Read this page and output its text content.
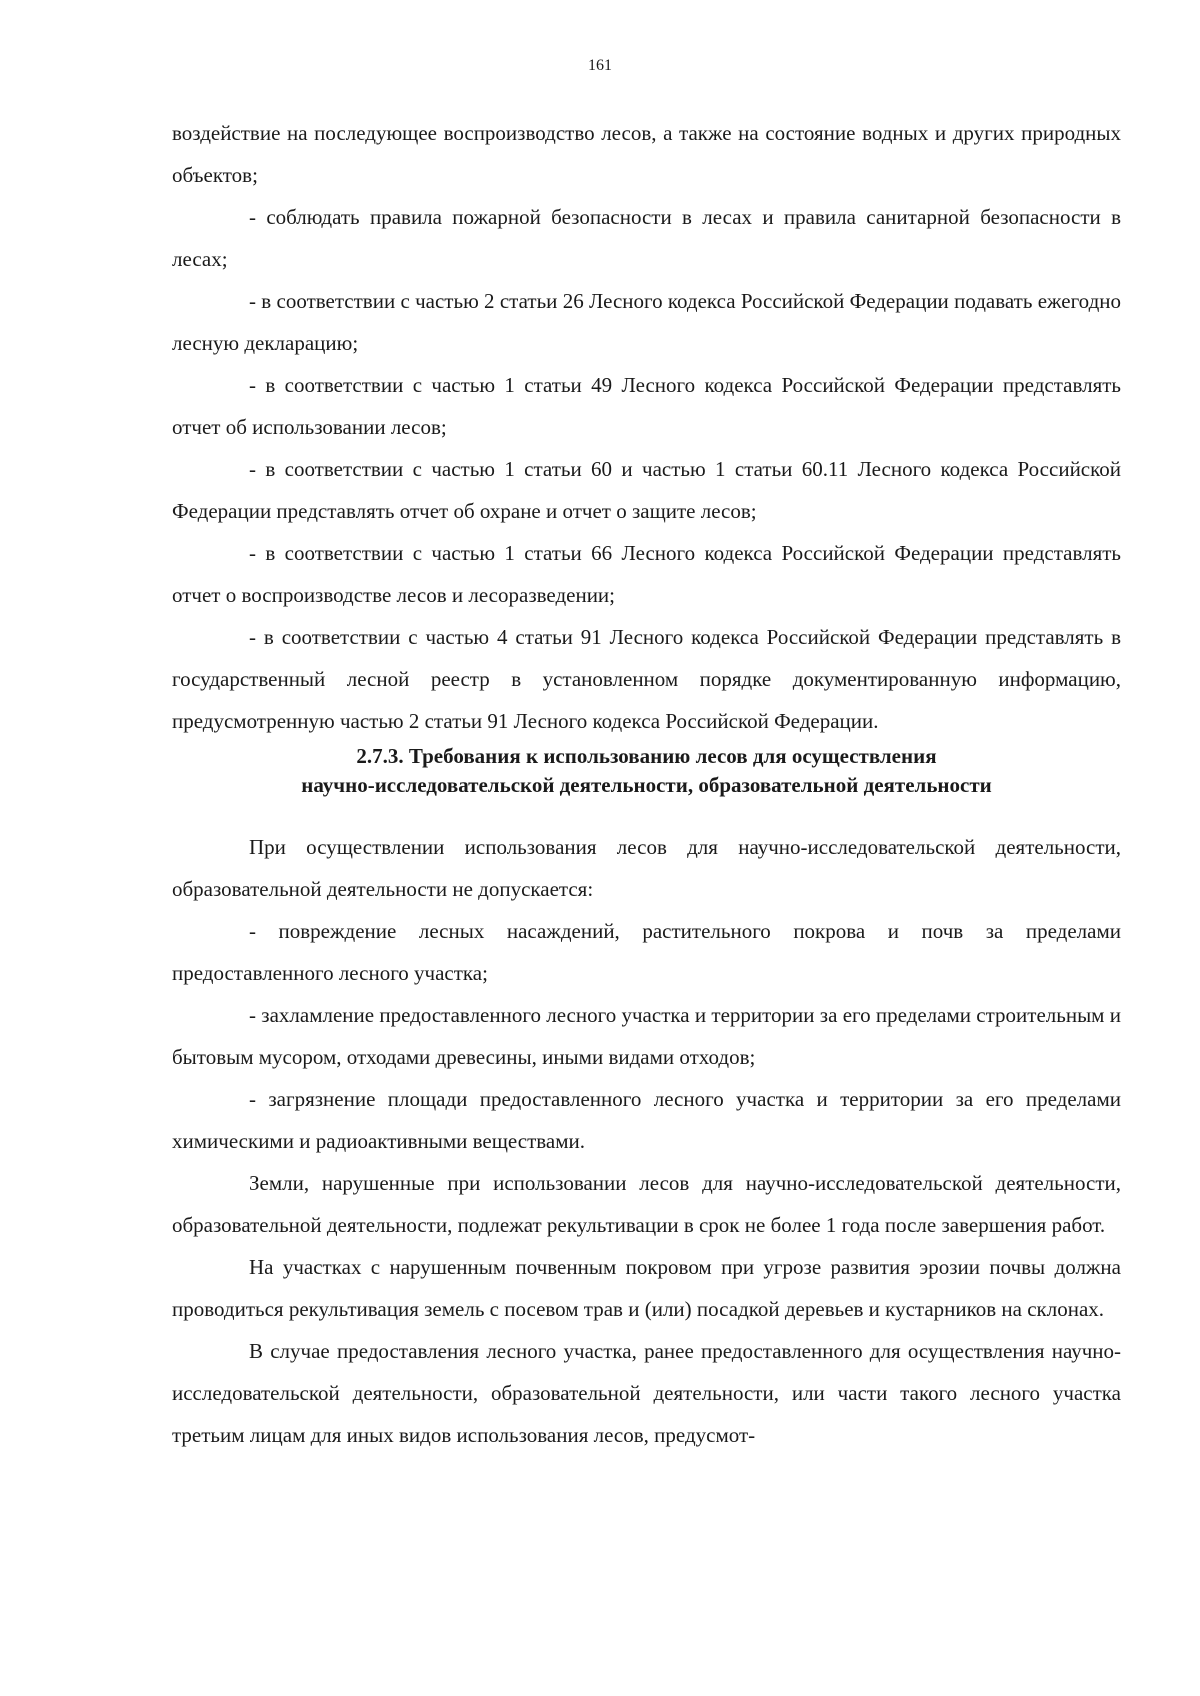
161

воздействие на последующее воспроизводство лесов, а также на состояние водных и других природных объектов;

- соблюдать правила пожарной безопасности в лесах и правила санитарной безопасности в лесах;

- в соответствии с частью 2 статьи 26 Лесного кодекса Российской Федерации подавать ежегодно лесную декларацию;

- в соответствии с частью 1 статьи 49 Лесного кодекса Российской Федерации представлять отчет об использовании лесов;

- в соответствии с частью 1 статьи 60 и частью 1 статьи 60.11 Лесного кодекса Российской Федерации представлять отчет об охране и отчет о защите лесов;

- в соответствии с частью 1 статьи 66 Лесного кодекса Российской Федерации представлять отчет о воспроизводстве лесов и лесоразведении;

- в соответствии с частью 4 статьи 91 Лесного кодекса Российской Федерации представлять в государственный лесной реестр в установленном порядке документированную информацию, предусмотренную частью 2 статьи 91 Лесного кодекса Российской Федерации.

2.7.3. Требования к использованию лесов для осуществления
научно-исследовательской деятельности, образовательной деятельности

При осуществлении использования лесов для научно-исследовательской деятельности, образовательной деятельности не допускается:

- повреждение лесных насаждений, растительного покрова и почв за пределами предоставленного лесного участка;

- захламление предоставленного лесного участка и территории за его пределами строительным и бытовым мусором, отходами древесины, иными видами отходов;

- загрязнение площади предоставленного лесного участка и территории за его пределами химическими и радиоактивными веществами.

Земли, нарушенные при использовании лесов для научно-исследовательской деятельности, образовательной деятельности, подлежат рекультивации в срок не более 1 года после завершения работ.

На участках с нарушенным почвенным покровом при угрозе развития эрозии почвы должна проводиться рекультивация земель с посевом трав и (или) посадкой деревьев и кустарников на склонах.

В случае предоставления лесного участка, ранее предоставленного для осуществления научно-исследовательской деятельности, образовательной деятельности, или части такого лесного участка третьим лицам для иных видов использования лесов, предусмот-
